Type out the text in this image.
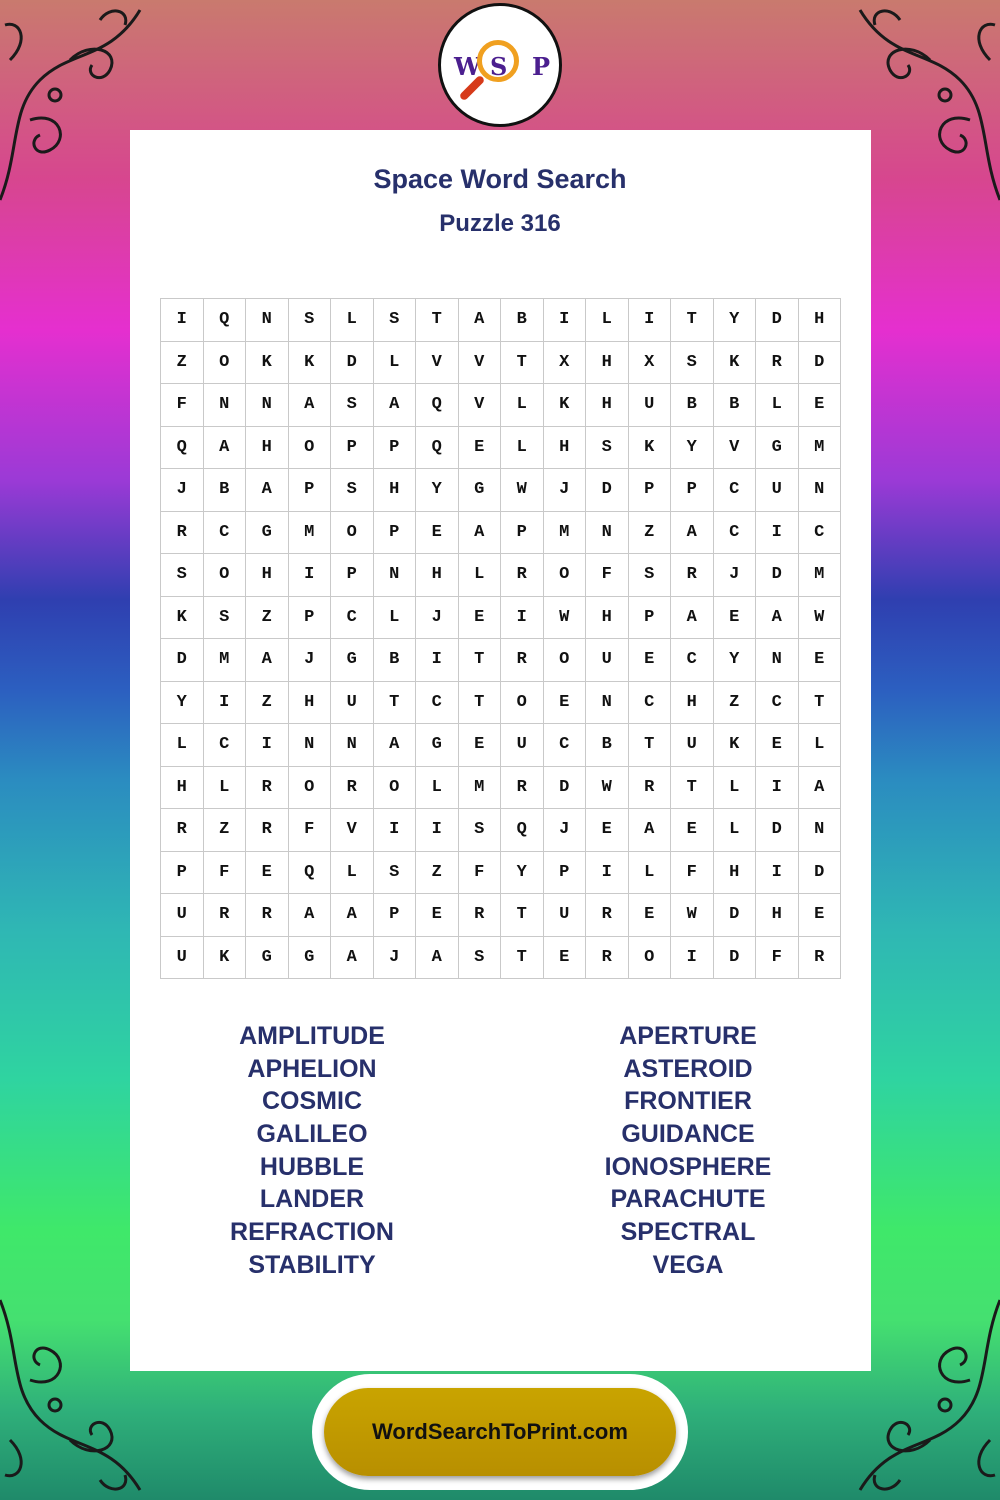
W S P
Space Word Search
Puzzle 316
I	Q	N	S	L	S	T	A	B	I	L	I	T	Y	D	H
Z	O	K	K	D	L	V	V	T	X	H	X	S	K	R	D
F	N	N	A	S	A	Q	V	L	K	H	U	B	B	L	E
Q	A	H	O	P	P	Q	E	L	H	S	K	Y	V	G	M
J	B	A	P	S	H	Y	G	W	J	D	P	P	C	U	N
R	C	G	M	O	P	E	A	P	M	N	Z	A	C	I	C
S	O	H	I	P	N	H	L	R	O	F	S	R	J	D	M
K	S	Z	P	C	L	J	E	I	W	H	P	A	E	A	W
D	M	A	J	G	B	I	T	R	O	U	E	C	Y	N	E
Y	I	Z	H	U	T	C	T	O	E	N	C	H	Z	C	T
L	C	I	N	N	A	G	E	U	C	B	T	U	K	E	L
H	L	R	O	R	O	L	M	R	D	W	R	T	L	I	A
R	Z	R	F	V	I	I	S	Q	J	E	A	E	L	D	N
P	F	E	Q	L	S	Z	F	Y	P	I	L	F	H	I	D
U	R	R	A	A	P	E	R	T	U	R	E	W	D	H	E
U	K	G	G	A	J	A	S	T	E	R	O	I	D	F	R
AMPLITUDE
APHELION
COSMIC
GALILEO
HUBBLE
LANDER
REFRACTION
STABILITY
APERTURE
ASTEROID
FRONTIER
GUIDANCE
IONOSPHERE
PARACHUTE
SPECTRAL
VEGA
WordSearchToPrint.com
